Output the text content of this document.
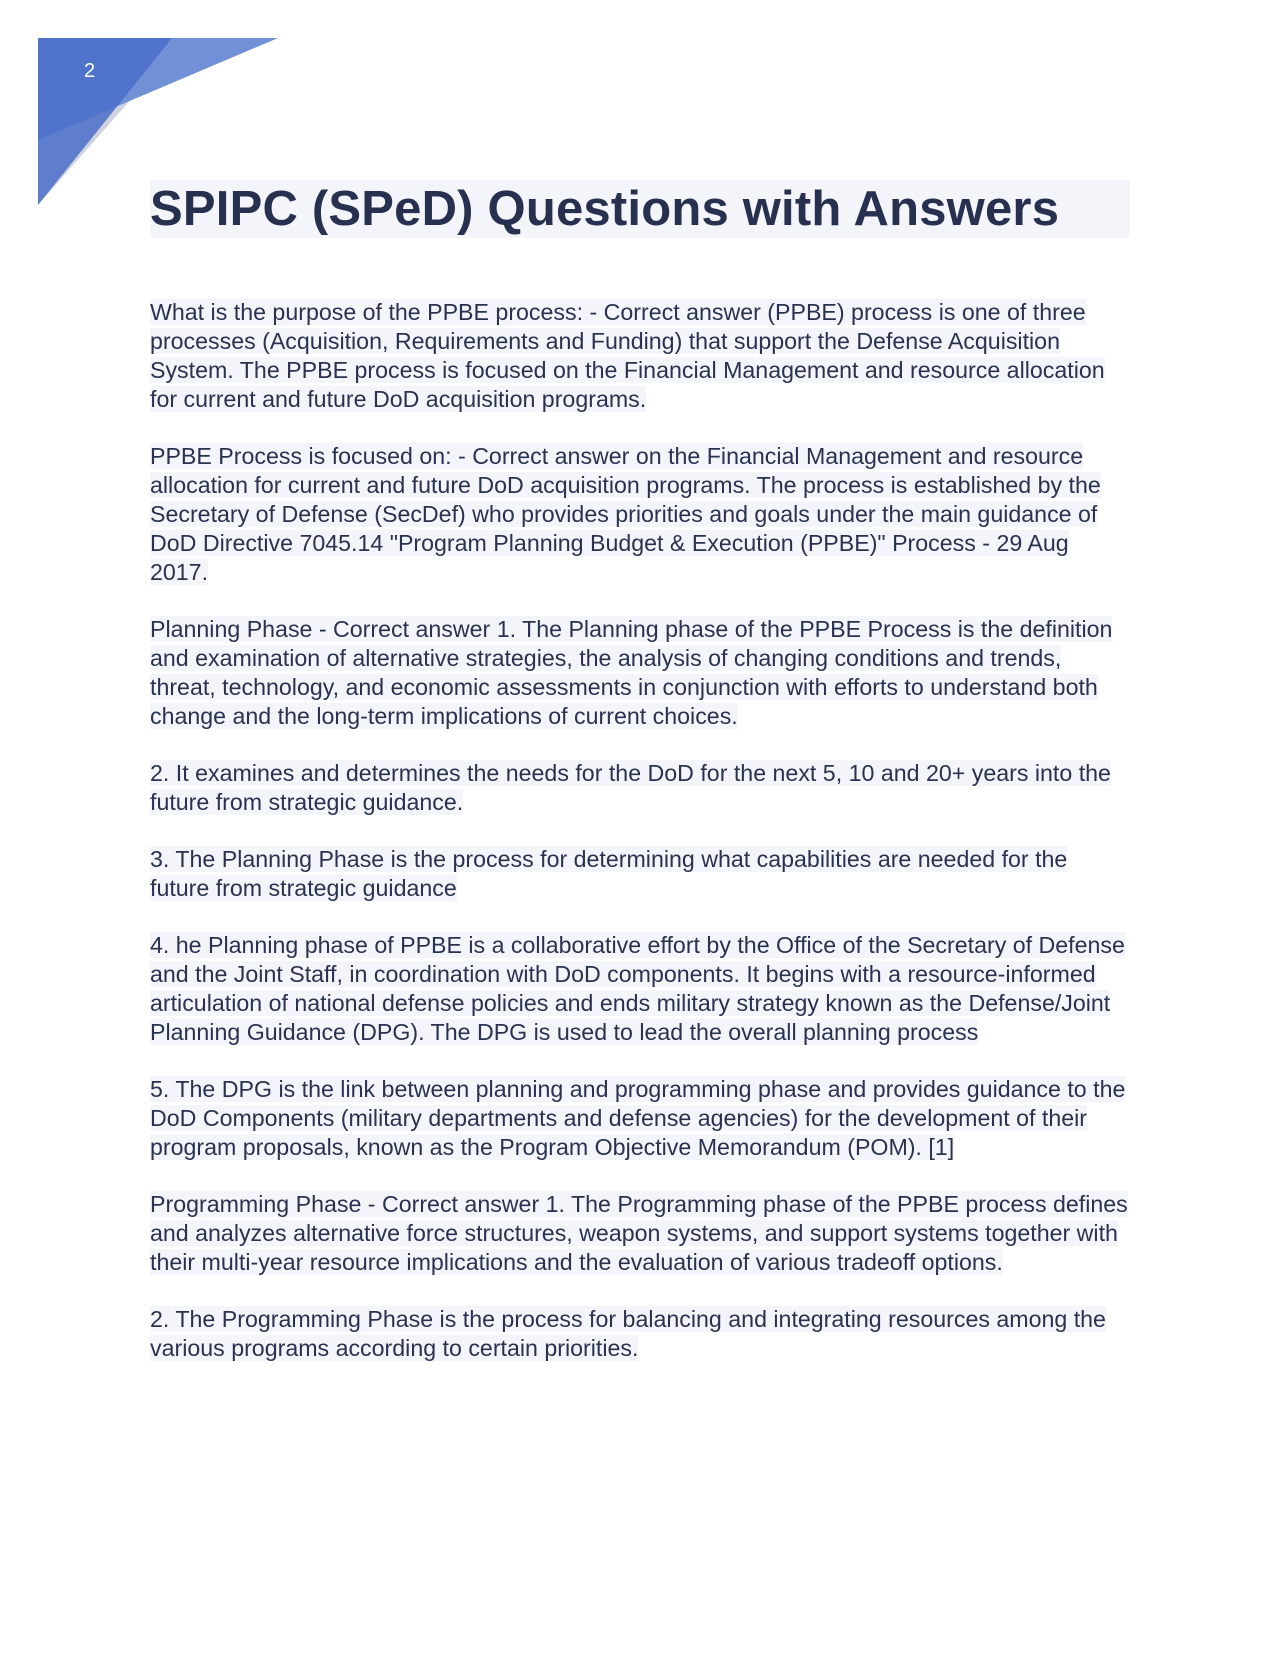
2
SPIPC (SPeD) Questions with Answers

What is the purpose of the PPBE process: - Correct answer (PPBE) process is one of three processes (Acquisition, Requirements and Funding) that support the Defense Acquisition System. The PPBE process is focused on the Financial Management and resource allocation for current and future DoD acquisition programs.

PPBE Process is focused on: - Correct answer on the Financial Management and resource allocation for current and future DoD acquisition programs. The process is established by the Secretary of Defense (SecDef) who provides priorities and goals under the main guidance of DoD Directive 7045.14 "Program Planning Budget & Execution (PPBE)" Process - 29 Aug 2017.

Planning Phase - Correct answer 1. The Planning phase of the PPBE Process is the definition and examination of alternative strategies, the analysis of changing conditions and trends, threat, technology, and economic assessments in conjunction with efforts to understand both change and the long-term implications of current choices.

2. It examines and determines the needs for the DoD for the next 5, 10 and 20+ years into the future from strategic guidance.

3. The Planning Phase is the process for determining what capabilities are needed for the future from strategic guidance

4. he Planning phase of PPBE is a collaborative effort by the Office of the Secretary of Defense and the Joint Staff, in coordination with DoD components. It begins with a resource-informed articulation of national defense policies and ends military strategy known as the Defense/Joint Planning Guidance (DPG). The DPG is used to lead the overall planning process

5. The DPG is the link between planning and programming phase and provides guidance to the DoD Components (military departments and defense agencies) for the development of their program proposals, known as the Program Objective Memorandum (POM). [1]

Programming Phase - Correct answer 1. The Programming phase of the PPBE process defines and analyzes alternative force structures, weapon systems, and support systems together with their multi-year resource implications and the evaluation of various tradeoff options.

2. The Programming Phase is the process for balancing and integrating resources among the various programs according to certain priorities.
